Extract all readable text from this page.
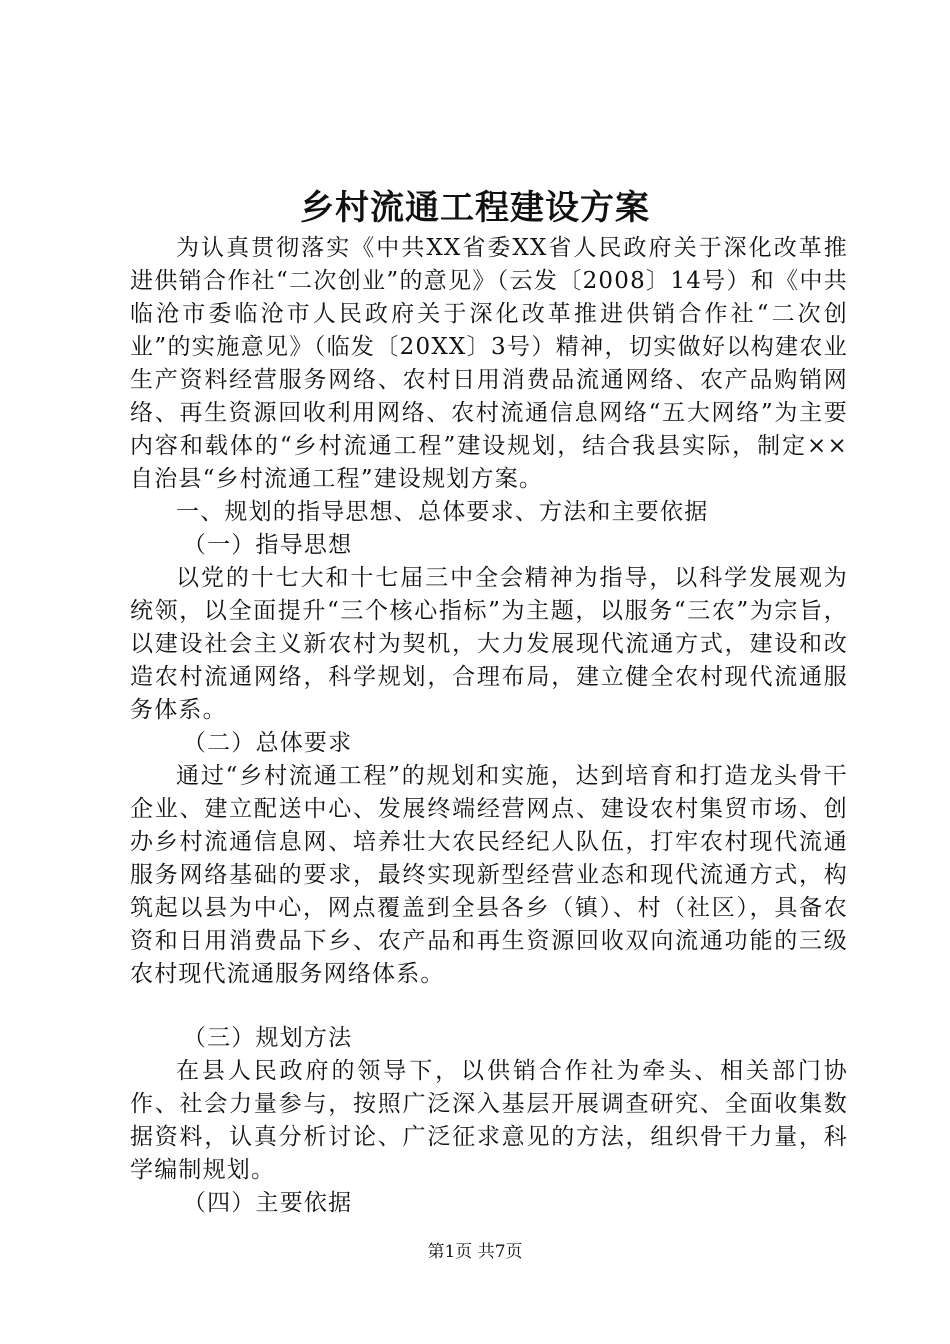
乡村流通工程建设方案

为认真贯彻落实《中共XX省委XX省人民政府关于深化改革推进供销合作社“二次创业”的意见》（云发〔2008〕14号）和《中共临沧市委临沧市人民政府关于深化改革推进供销合作社“二次创业”的实施意见》（临发〔20XX〕3号）精神，切实做好以构建农业生产资料经营服务网络、农村日用消费品流通网络、农产品购销网络、再生资源回收利用网络、农村流通信息网络“五大网络”为主要内容和载体的“乡村流通工程”建设规划，结合我县实际，制定××自治县“乡村流通工程”建设规划方案。

一、规划的指导思想、总体要求、方法和主要依据

（一）指导思想

以党的十七大和十七届三中全会精神为指导，以科学发展观为统领，以全面提升“三个核心指标”为主题，以服务“三农”为宗旨，以建设社会主义新农村为契机，大力发展现代流通方式，建设和改造农村流通网络，科学规划，合理布局，建立健全农村现代流通服务体系。

（二）总体要求

通过“乡村流通工程”的规划和实施，达到培育和打造龙头骨干企业、建立配送中心、发展终端经营网点、建设农村集贸市场、创办乡村流通信息网、培养壮大农民经纪人队伍，打牢农村现代流通服务网络基础的要求，最终实现新型经营业态和现代流通方式，构筑起以县为中心，网点覆盖到全县各乡（镇）、村（社区），具备农资和日用消费品下乡、农产品和再生资源回收双向流通功能的三级农村现代流通服务网络体系。

（三）规划方法

在县人民政府的领导下，以供销合作社为牵头、相关部门协作、社会力量参与，按照广泛深入基层开展调查研究、全面收集数据资料，认真分析讨论、广泛征求意见的方法，组织骨干力量，科学编制规划。

（四）主要依据

第1页 共7页
